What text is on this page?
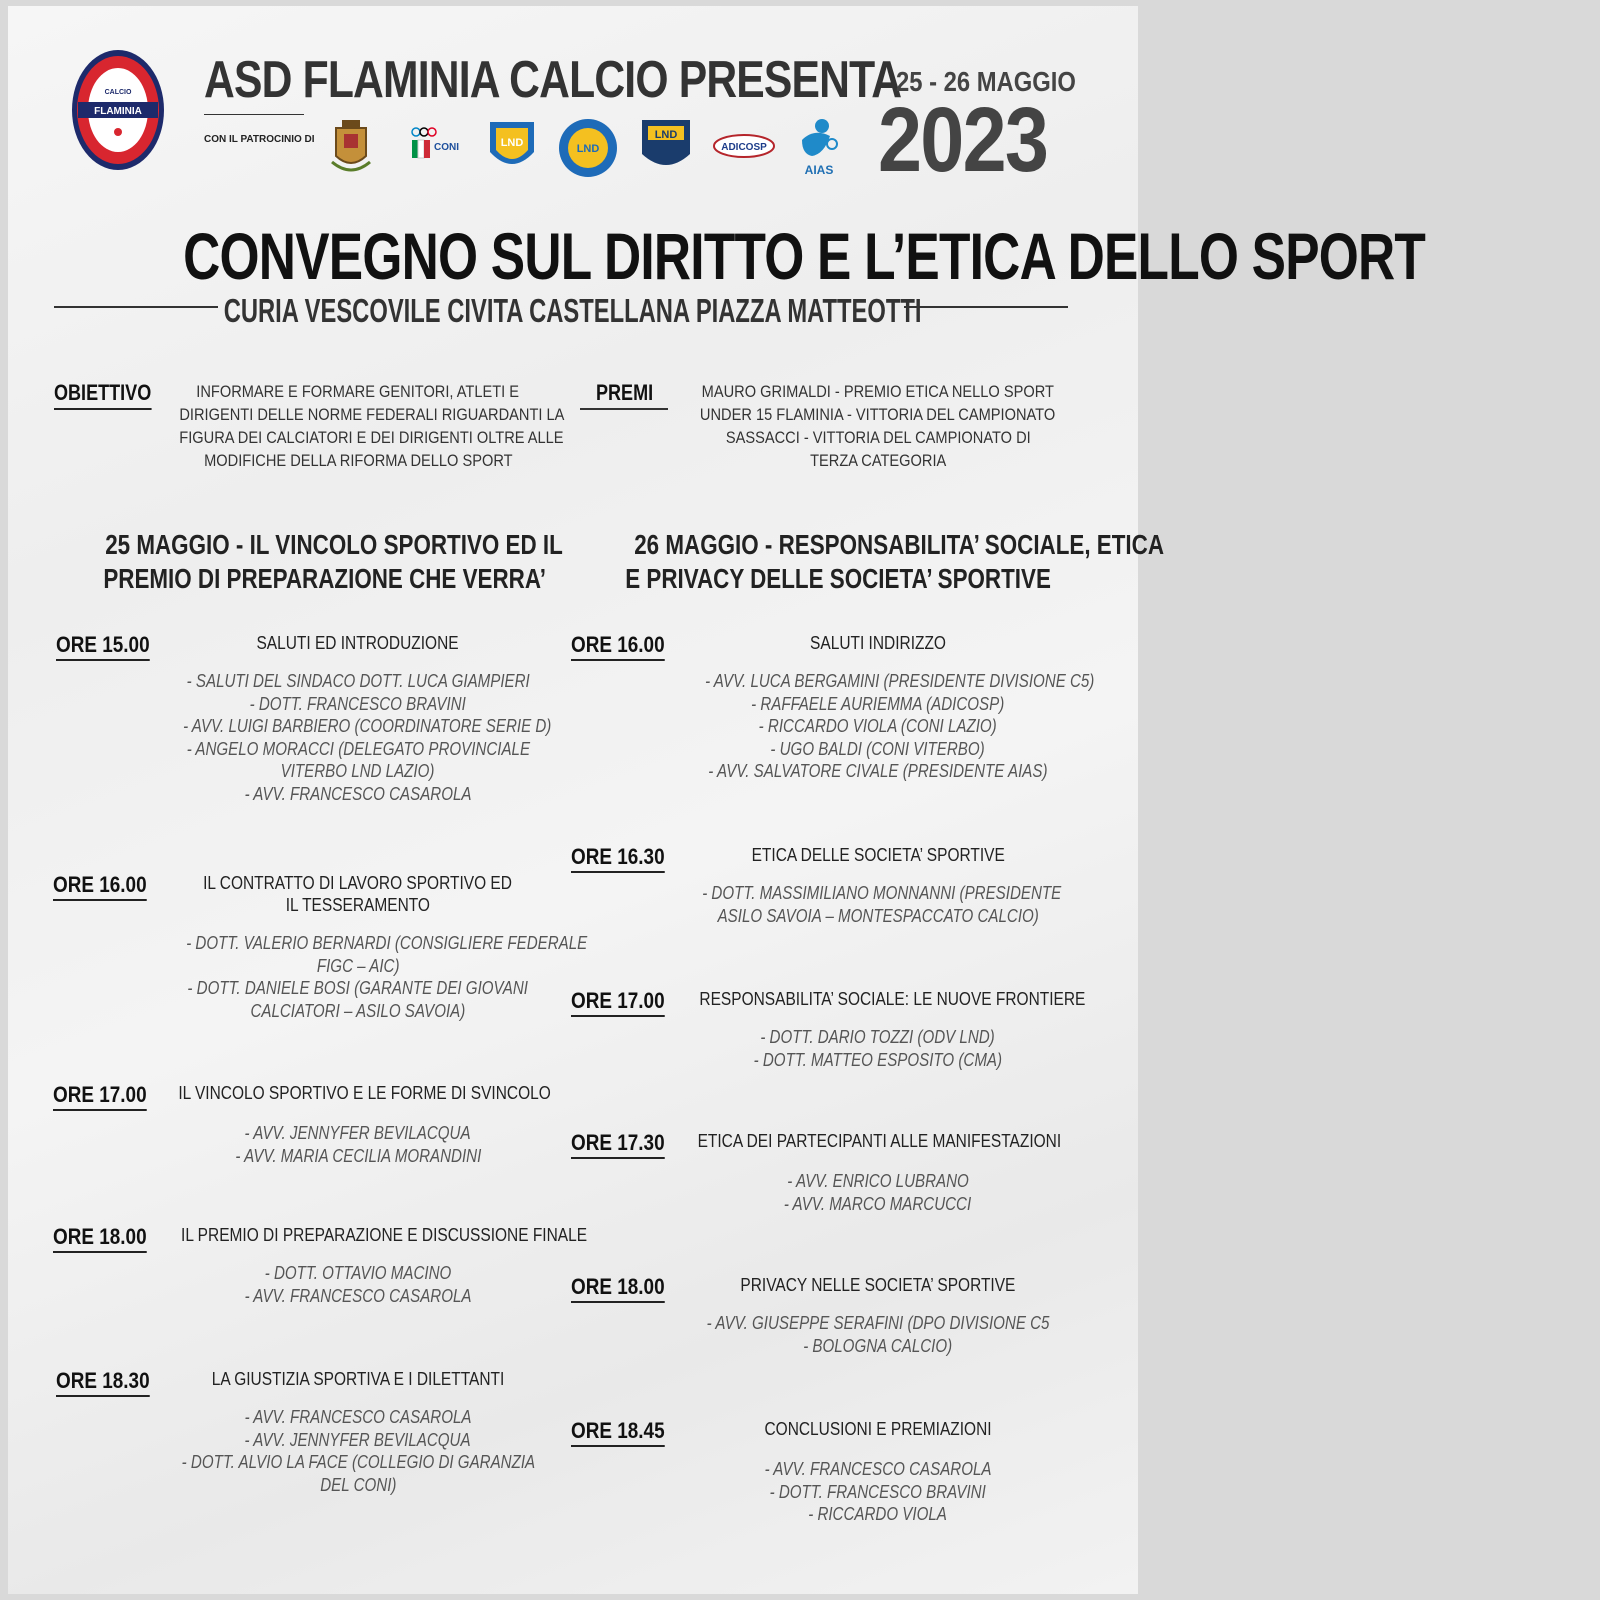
CALCIO
FLAMINIA
ASD FLAMINIA CALCIO PRESENTA
CON IL PATROCINIO DI
CONI	LND	LND
LND
ADICOSP
AIAS
25 - 26 MAGGIO
2023
CONVEGNO SUL DIRITTO E L’ETICA DELLO SPORT
CURIA VESCOVILE CIVITA CASTELLANA PIAZZA MATTEOTTI
OBIETTIVO	INFORMARE E FORMARE GENITORI, ATLETI E
DIRIGENTI DELLE NORME FEDERALI RIGUARDANTI LA
FIGURA DEI CALCIATORI E DEI DIRIGENTI OLTRE ALLE
MODIFICHE DELLA RIFORMA DELLO SPORT
PREMI	MAURO GRIMALDI - PREMIO ETICA NELLO SPORT
UNDER 15 FLAMINIA - VITTORIA DEL CAMPIONATO
SASSACCI - VITTORIA DEL CAMPIONATO DI
TERZA CATEGORIA
25 MAGGIO - IL VINCOLO SPORTIVO ED IL
PREMIO DI PREPARAZIONE CHE VERRA’
26 MAGGIO - RESPONSABILITA’ SOCIALE, ETICA
E PRIVACY DELLE SOCIETA’ SPORTIVE
ORE 15.00	SALUTI ED INTRODUZIONE
- SALUTI DEL SINDACO DOTT. LUCA GIAMPIERI
- DOTT. FRANCESCO BRAVINI
- AVV. LUIGI BARBIERO (COORDINATORE SERIE D)
- ANGELO MORACCI (DELEGATO PROVINCIALE
VITERBO LND LAZIO)
- AVV. FRANCESCO CASAROLA
ORE 16.00	IL CONTRATTO DI LAVORO SPORTIVO ED
IL TESSERAMENTO
- DOTT. VALERIO BERNARDI (CONSIGLIERE FEDERALE
FIGC – AIC)
- DOTT. DANIELE BOSI (GARANTE DEI GIOVANI
CALCIATORI – ASILO SAVOIA)
ORE 17.00	IL VINCOLO SPORTIVO E LE FORME DI SVINCOLO
- AVV. JENNYFER BEVILACQUA
- AVV. MARIA CECILIA MORANDINI
ORE 18.00	IL PREMIO DI PREPARAZIONE E DISCUSSIONE FINALE
- DOTT. OTTAVIO MACINO
- AVV. FRANCESCO CASAROLA
ORE 18.30	LA GIUSTIZIA SPORTIVA E I DILETTANTI
- AVV. FRANCESCO CASAROLA
- AVV. JENNYFER BEVILACQUA
- DOTT. ALVIO LA FACE (COLLEGIO DI GARANZIA
DEL CONI)
ORE 16.00	SALUTI INDIRIZZO
- AVV. LUCA BERGAMINI (PRESIDENTE DIVISIONE C5)
- RAFFAELE AURIEMMA (ADICOSP)
- RICCARDO VIOLA (CONI LAZIO)
- UGO BALDI (CONI VITERBO)
- AVV. SALVATORE CIVALE (PRESIDENTE AIAS)
ORE 16.30	ETICA DELLE SOCIETA’ SPORTIVE
- DOTT. MASSIMILIANO MONNANNI (PRESIDENTE
ASILO SAVOIA – MONTESPACCATO CALCIO)
ORE 17.00	RESPONSABILITA’ SOCIALE: LE NUOVE FRONTIERE
- DOTT. DARIO TOZZI (ODV LND)
- DOTT. MATTEO ESPOSITO (CMA)
ORE 17.30	ETICA DEI PARTECIPANTI ALLE MANIFESTAZIONI
- AVV. ENRICO LUBRANO
- AVV. MARCO MARCUCCI
ORE 18.00	PRIVACY NELLE SOCIETA’ SPORTIVE
- AVV. GIUSEPPE SERAFINI (DPO DIVISIONE C5
- BOLOGNA CALCIO)
ORE 18.45	CONCLUSIONI E PREMIAZIONI
- AVV. FRANCESCO CASAROLA
- DOTT. FRANCESCO BRAVINI
- RICCARDO VIOLA
